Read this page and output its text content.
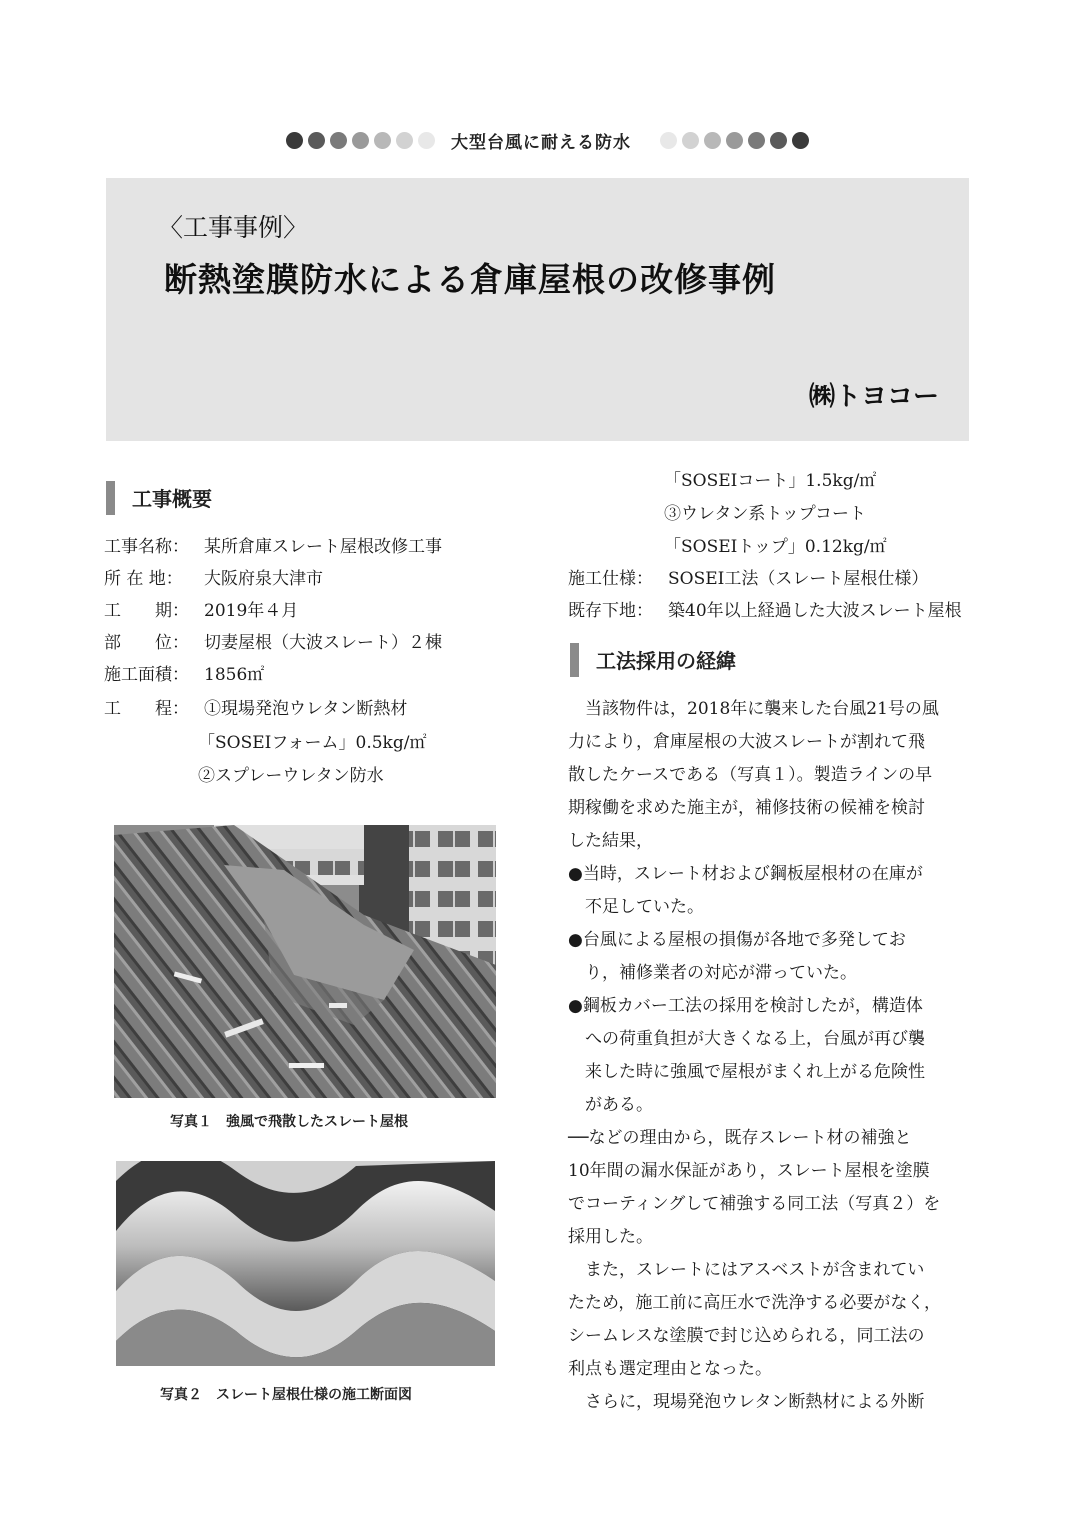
大型台風に耐える防水
〈工事事例〉
断熱塗膜防水による倉庫屋根の改修事例
㈱トヨコー
工事概要
工事名称： 某所倉庫スレート屋根改修工事
所 在 地： 大阪府泉大津市
工　　期： 2019年４月
部　　位： 切妻屋根（大波スレート）２棟
施工面積： 1856㎡
工　　程： ①現場発泡ウレタン断熱材
「SOSEIフォーム」0.5kg/㎡
②スプレーウレタン防水
写真１　強風で飛散したスレート屋根
写真２　スレート屋根仕様の施工断面図
「SOSEIコート」1.5kg/㎡
③ウレタン系トップコート
「SOSEIトップ」0.12kg/㎡
施工仕様： SOSEI工法（スレート屋根仕様）
既存下地： 築40年以上経過した大波スレート屋根
工法採用の経緯
　当該物件は，2018年に襲来した台風21号の風
力により，倉庫屋根の大波スレートが割れて飛
散したケースである（写真１）。製造ラインの早
期稼働を求めた施主が，補修技術の候補を検討
した結果，
●当時，スレート材および鋼板屋根材の在庫が
　不足していた。
●台風による屋根の損傷が各地で多発してお
　り，補修業者の対応が滞っていた。
●鋼板カバー工法の採用を検討したが，構造体
　への荷重負担が大きくなる上，台風が再び襲
　来した時に強風で屋根がまくれ上がる危険性
　がある。
──などの理由から，既存スレート材の補強と
10年間の漏水保証があり，スレート屋根を塗膜
でコーティングして補強する同工法（写真２）を
採用した。
　また，スレートにはアスベストが含まれてい
たため，施工前に高圧水で洗浄する必要がなく，
シームレスな塗膜で封じ込められる，同工法の
利点も選定理由となった。
　さらに，現場発泡ウレタン断熱材による外断
